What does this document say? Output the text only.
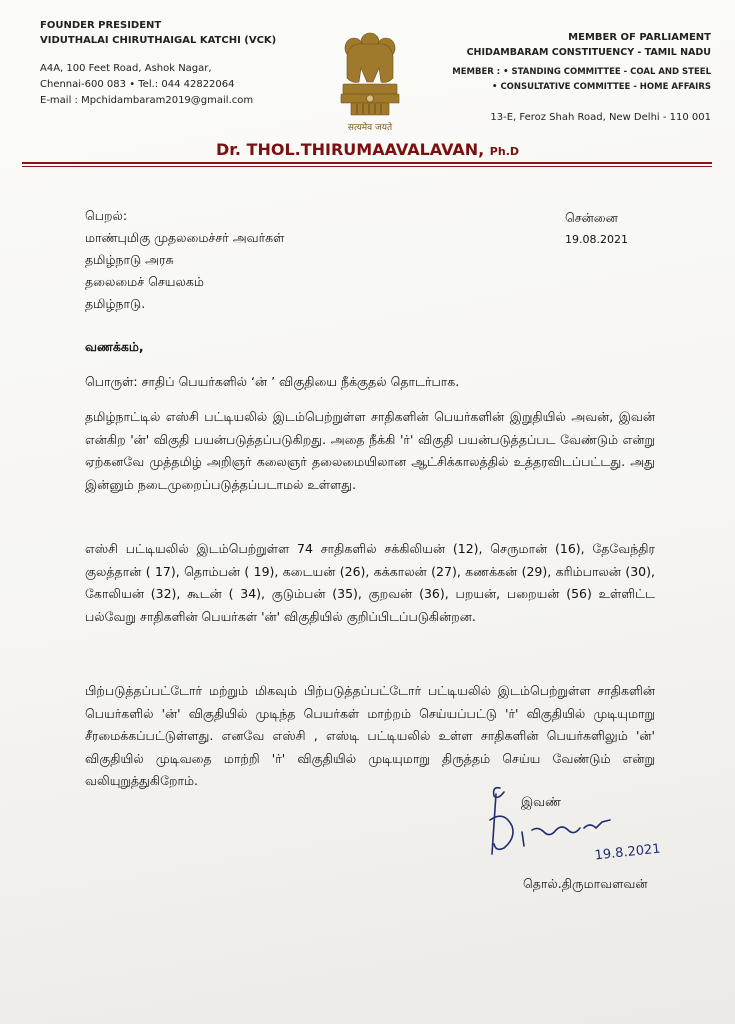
FOUNDER PRESIDENT
VIDUTHALAI CHIRUTHAIGAL KATCHI (VCK)
A4A, 100 Feet Road, Ashok Nagar,
Chennai-600 083 • Tel.: 044 42822064
E-mail : Mpchidambaram2019@gmail.com
MEMBER OF PARLIAMENT
CHIDAMBARAM CONSTITUENCY - TAMIL NADU
MEMBER : • STANDING COMMITTEE - COAL AND STEEL
• CONSULTATIVE COMMITTEE - HOME AFFAIRS
13-E, Feroz Shah Road, New Delhi - 110 001
सत्यमेव जयते
Dr. THOL.THIRUMAAVALAVAN, Ph.D
பெறல்:
மாண்புமிகு முதலமைச்சர் அவர்கள்
தமிழ்நாடு அரசு
தலைமைச் செயலகம்
தமிழ்நாடு.
சென்னை
19.08.2021
வணக்கம்,
பொருள்: சாதிப் பெயர்களில் ‘ன் ’ விகுதியை நீக்குதல் தொடர்பாக.

தமிழ்நாட்டில் எஸ்சி பட்டியலில் இடம்பெற்றுள்ள சாதிகளின் பெயர்களின் இறுதியில் அவன், இவன் என்கிற 'ன்' விகுதி பயன்படுத்தப்படுகிறது. அதை நீக்கி 'ர்' விகுதி பயன்படுத்தப்பட வேண்டும் என்று ஏற்கனவே முத்தமிழ் அறிஞர் கலைஞர் தலைமையிலான ஆட்சிக்காலத்தில் உத்தரவிடப்பட்டது. அது இன்னும் நடைமுறைப்படுத்தப்படாமல் உள்ளது.

எஸ்சி பட்டியலில் இடம்பெற்றுள்ள 74 சாதிகளில் சக்கிலியன் (12), செருமான் (16), தேவேந்திர குலத்தான் ( 17), தொம்பன் ( 19), கடையன் (26), கக்காலன் (27), கணக்கன் (29), கரிம்பாலன் (30), கோலியன் (32), கூடன் ( 34), குடும்பன் (35), குறவன் (36), பறயன், பறையன் (56) உள்ளிட்ட பல்வேறு சாதிகளின் பெயர்கள் 'ன்' விகுதியில் குறிப்பிடப்படுகின்றன.

பிற்படுத்தப்பட்டோர் மற்றும் மிகவும் பிற்படுத்தப்பட்டோர் பட்டியலில் இடம்பெற்றுள்ள சாதிகளின் பெயர்களில் 'ன்' விகுதியில் முடிந்த பெயர்கள் மாற்றம் செய்யப்பட்டு 'ர்' விகுதியில் முடியுமாறு சீரமைக்கப்பட்டுள்ளது. எனவே எஸ்சி , எஸ்டி பட்டியலில் உள்ள சாதிகளின் பெயர்களிலும் 'ன்' விகுதியில் முடிவதை மாற்றி 'ர்' விகுதியில் முடியுமாறு திருத்தம் செய்ய வேண்டும் என்று வலியுறுத்துகிறோம்.

இவண்
19.8.2021
தொல்.திருமாவளவன்
